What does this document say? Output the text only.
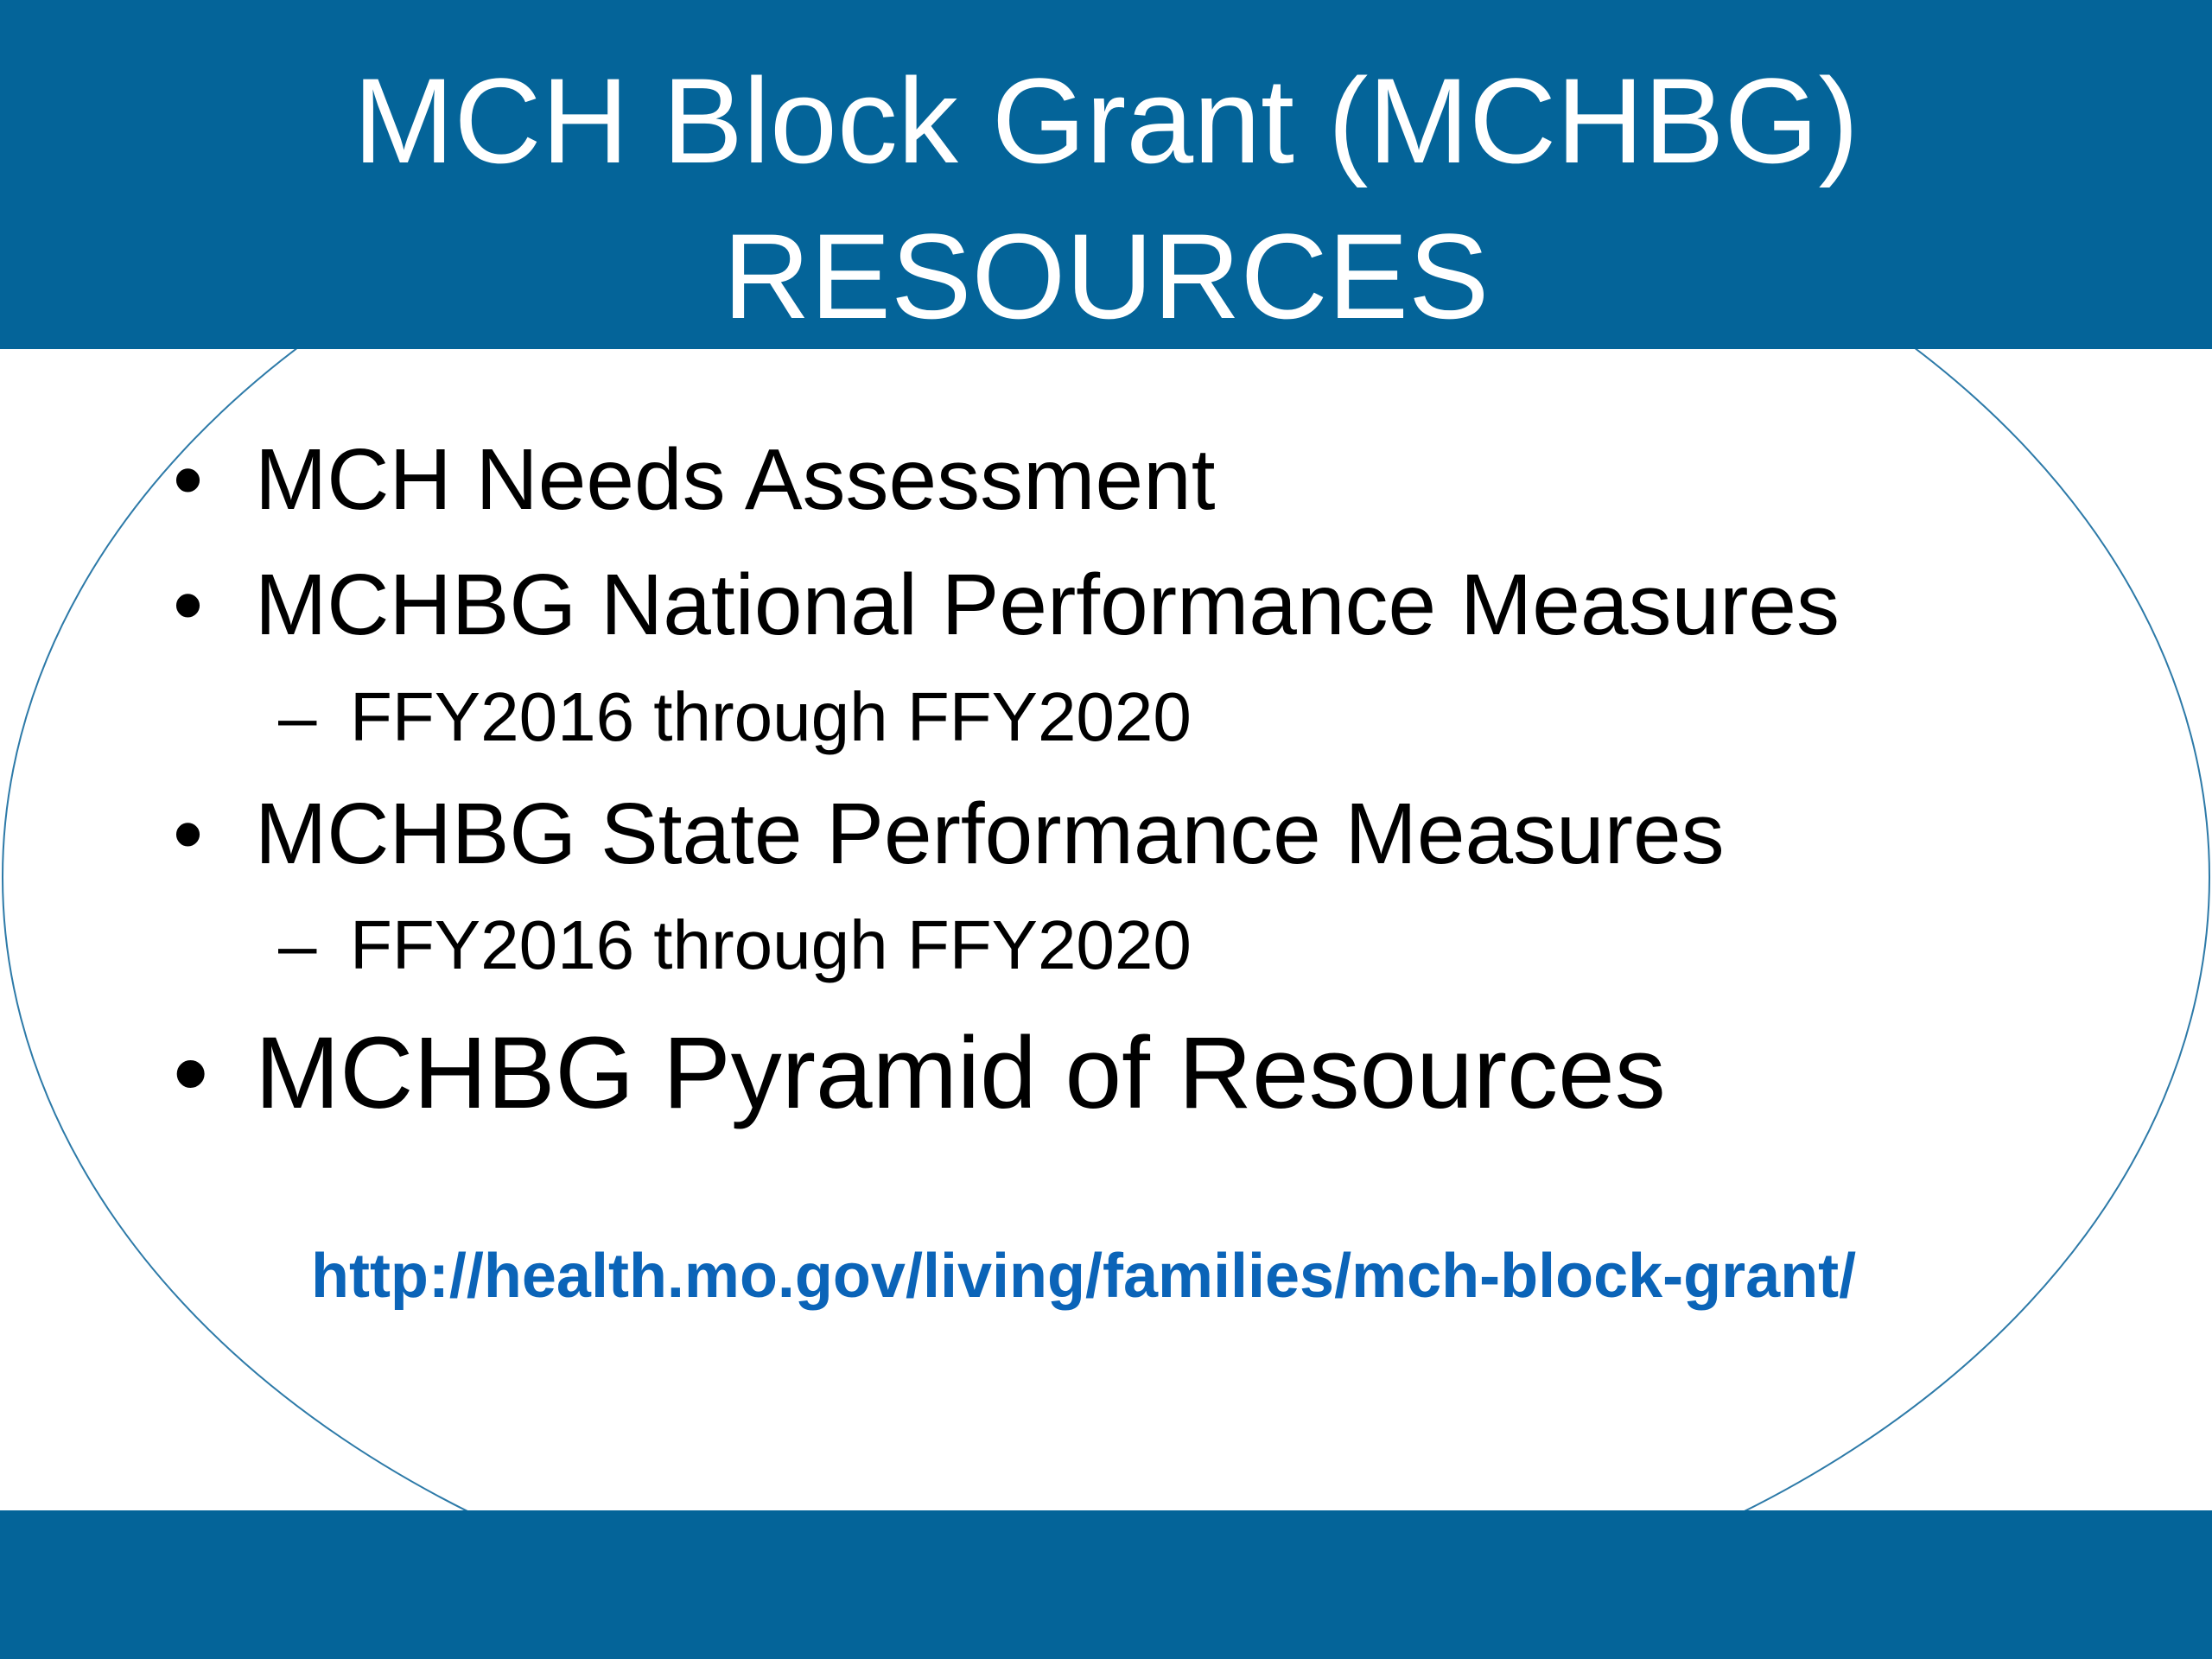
MCH Block Grant (MCHBG)
RESOURCES
• MCH Needs Assessment
• MCHBG National Performance Measures
– FFY2016 through FFY2020
• MCHBG State Performance Measures
– FFY2016 through FFY2020
• MCHBG Pyramid of Resources
http://health.mo.gov/living/families/mch-block-grant/
